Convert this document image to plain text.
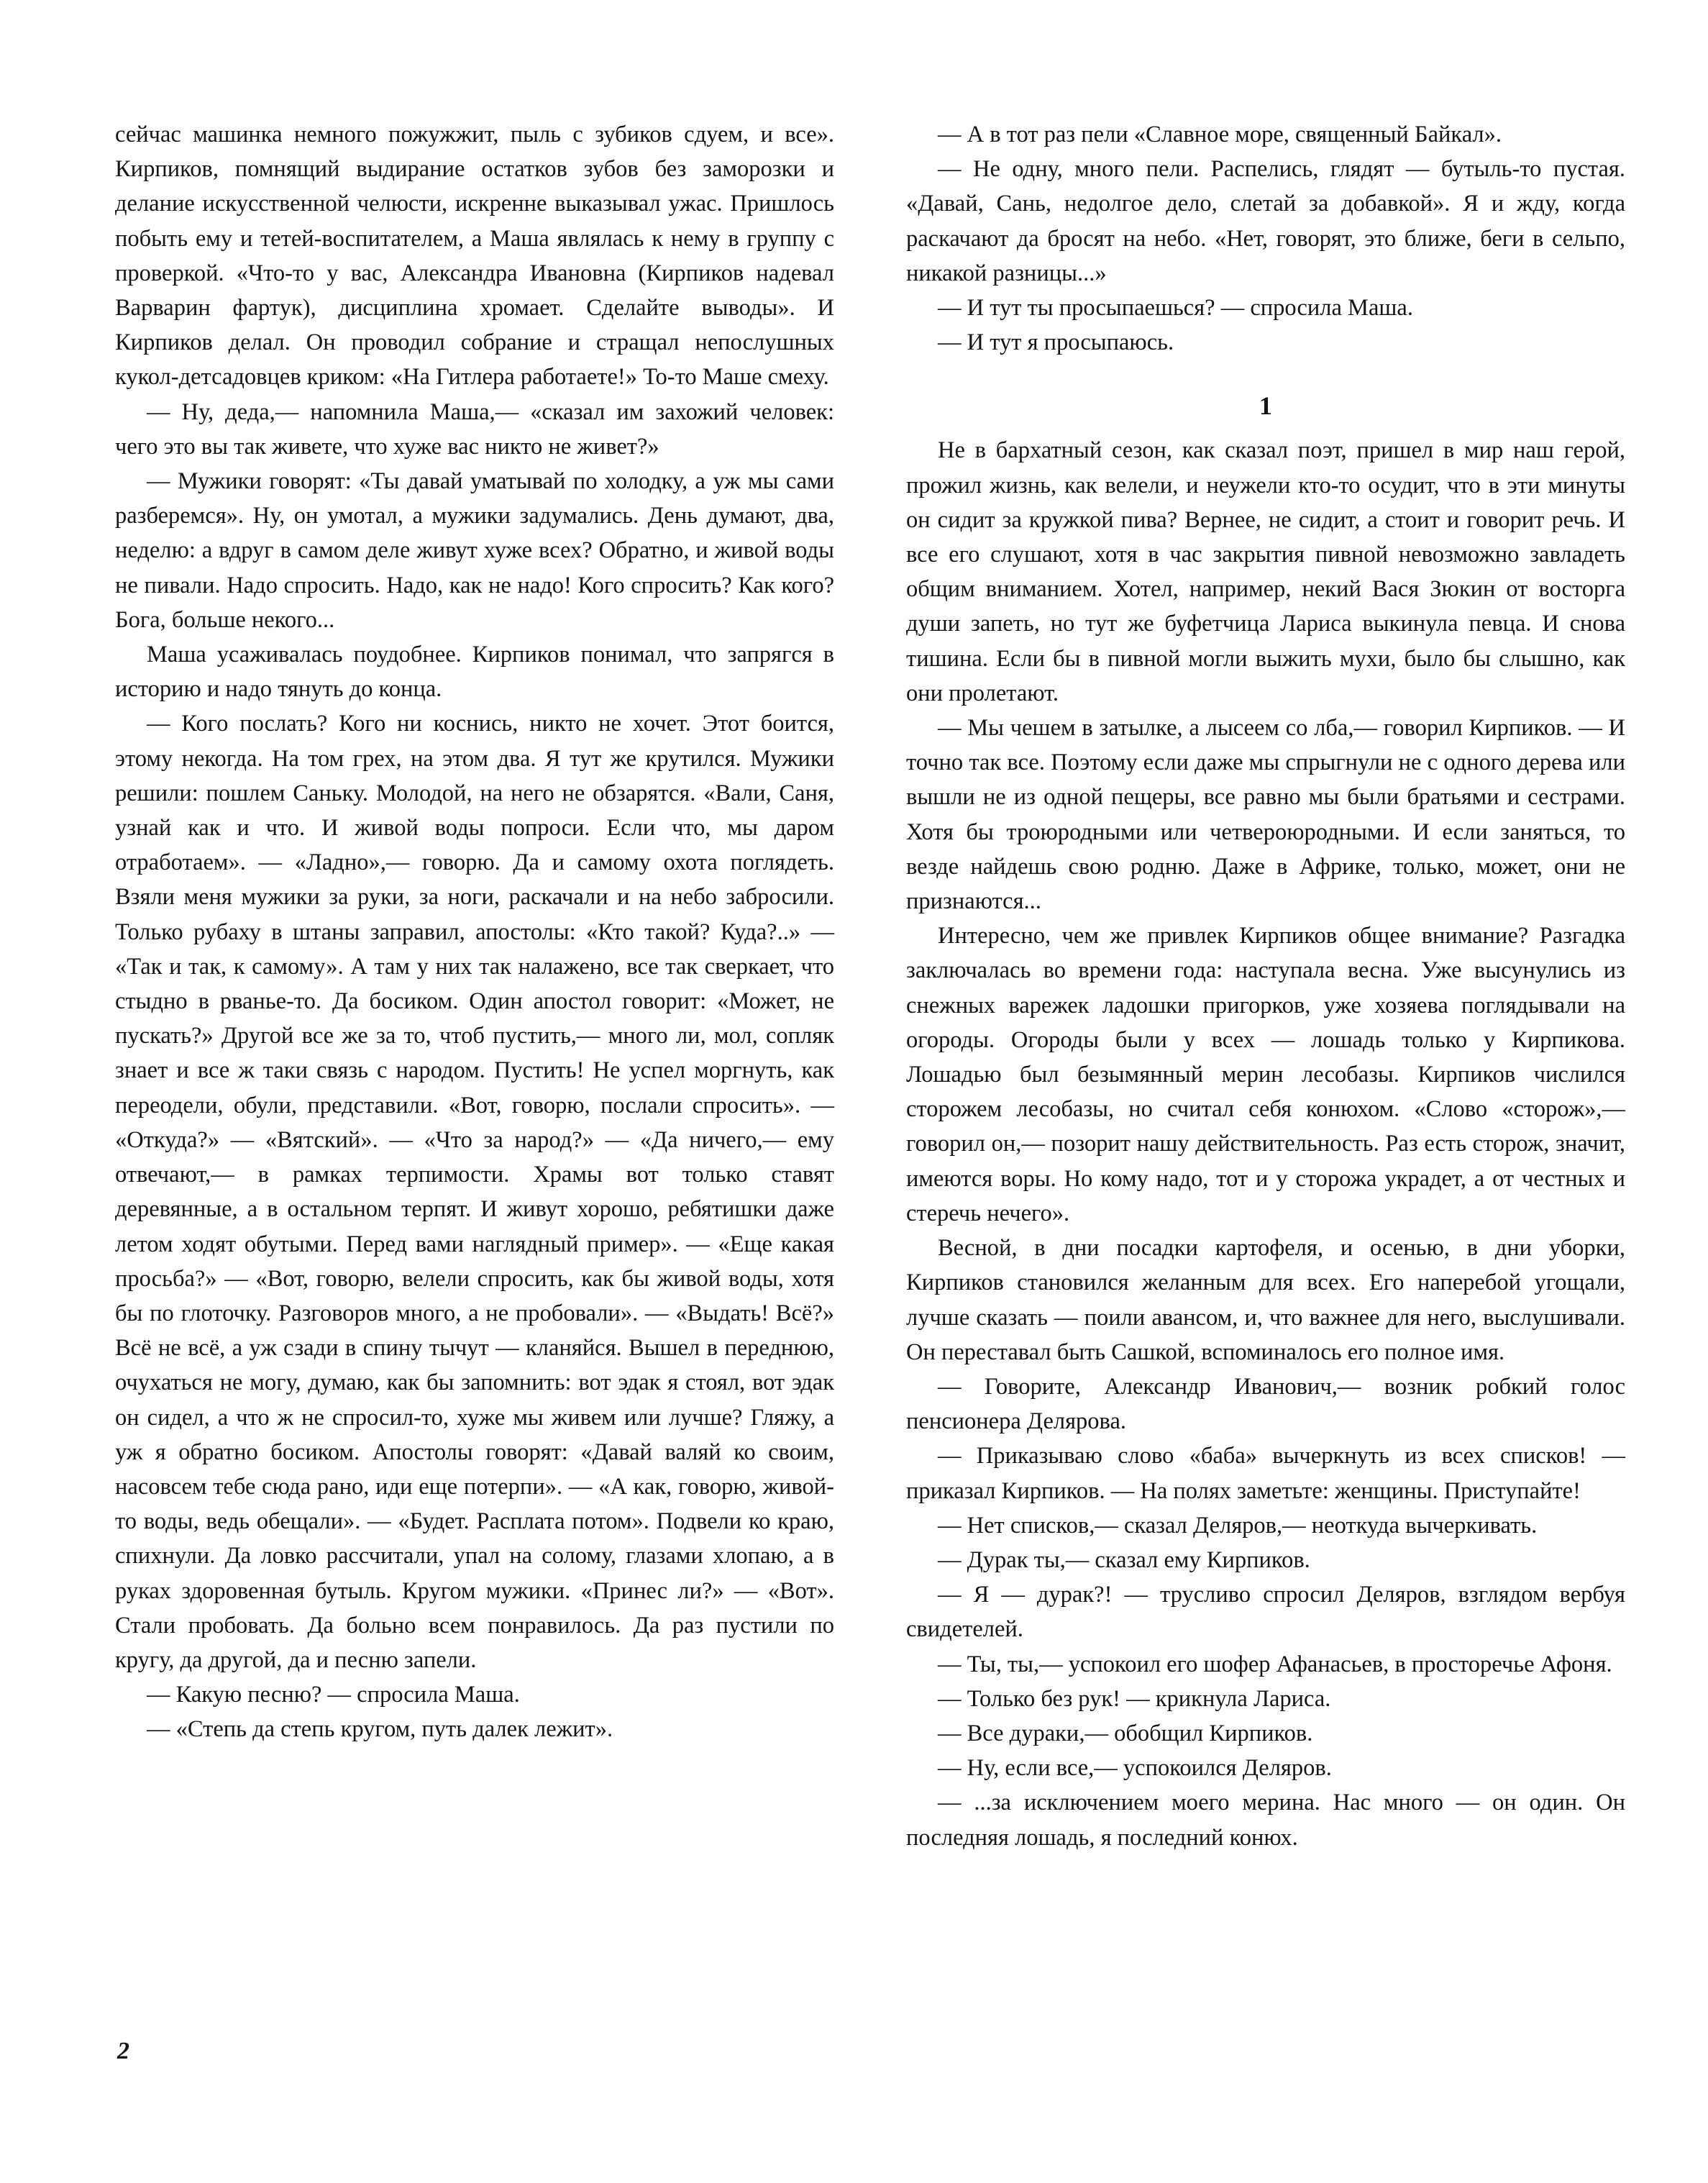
сейчас машинка немного пожужжит, пыль с зубиков сдуем, и все». Кирпиков, помнящий выдирание остатков зубов без заморозки и делание искусственной челюсти, искренне выказывал ужас. Пришлось побыть ему и тетей-воспитателем, а Маша являлась к нему в группу с проверкой. «Что-то у вас, Александра Ивановна (Кирпиков надевал Варварин фартук), дисциплина хромает. Сделайте выводы». И Кирпиков делал. Он проводил собрание и стращал непослушных кукол-детсадовцев криком: «На Гитлера работаете!» То-то Маше смеху.

— Ну, деда,— напомнила Маша,— «сказал им захожий человек: чего это вы так живете, что хуже вас никто не живет?»

— Мужики говорят: «Ты давай уматывай по холодку, а уж мы сами разберемся». Ну, он умотал, а мужики задумались. День думают, два, неделю: а вдруг в самом деле живут хуже всех? Обратно, и живой воды не пивали. Надо спросить. Надо, как не надо! Кого спросить? Как кого? Бога, больше некого...

Маша усаживалась поудобнее. Кирпиков понимал, что запрягся в историю и надо тянуть до конца.

— Кого послать? Кого ни коснись, никто не хочет. Этот боится, этому некогда. На том грех, на этом два. Я тут же крутился. Мужики решили: пошлем Саньку. Молодой, на него не обзарятся. «Вали, Саня, узнай как и что. И живой воды попроси. Если что, мы даром отработаем». — «Ладно»,— говорю. Да и самому охота поглядеть. Взяли меня мужики за руки, за ноги, раскачали и на небо забросили. Только рубаху в штаны заправил, апостолы: «Кто такой? Куда?..» — «Так и так, к самому». А там у них так налажено, все так сверкает, что стыдно в рванье-то. Да босиком. Один апостол говорит: «Может, не пускать?» Другой все же за то, чтоб пустить,— много ли, мол, сопляк знает и все ж таки связь с народом. Пустить! Не успел моргнуть, как переодели, обули, представили. «Вот, говорю, послали спросить». — «Откуда?» — «Вятский». — «Что за народ?» — «Да ничего,— ему отвечают,— в рамках терпимости. Храмы вот только ставят деревянные, а в остальном терпят. И живут хорошо, ребятишки даже летом ходят обутыми. Перед вами наглядный пример». — «Еще какая просьба?» — «Вот, говорю, велели спросить, как бы живой воды, хотя бы по глоточку. Разговоров много, а не пробовали». — «Выдать! Всё?» Всё не всё, а уж сзади в спину тычут — кланяйся. Вышел в переднюю, очухаться не могу, думаю, как бы запомнить: вот эдак я стоял, вот эдак он сидел, а что ж не спросил-то, хуже мы живем или лучше? Гляжу, а уж я обратно босиком. Апостолы говорят: «Давай валяй ко своим, насовсем тебе сюда рано, иди еще потерпи». — «А как, говорю, живой-то воды, ведь обещали». — «Будет. Расплата потом». Подвели ко краю, спихнули. Да ловко рассчитали, упал на солому, глазами хлопаю, а в руках здоровенная бутыль. Кругом мужики. «Принес ли?» — «Вот». Стали пробовать. Да больно всем понравилось. Да раз пустили по кругу, да другой, да и песню запели.

— Какую песню? — спросила Маша.

— «Степь да степь кругом, путь далек лежит».

— А в тот раз пели «Славное море, священный Байкал».

— Не одну, много пели. Распелись, глядят — бутыль-то пустая. «Давай, Сань, недолгое дело, слетай за добавкой». Я и жду, когда раскачают да бросят на небо. «Нет, говорят, это ближе, беги в сельпо, никакой разницы...»

— И тут ты просыпаешься? — спросила Маша.

— И тут я просыпаюсь.

1

Не в бархатный сезон, как сказал поэт, пришел в мир наш герой, прожил жизнь, как велели, и неужели кто-то осудит, что в эти минуты он сидит за кружкой пива? Вернее, не сидит, а стоит и говорит речь. И все его слушают, хотя в час закрытия пивной невозможно завладеть общим вниманием. Хотел, например, некий Вася Зюкин от восторга души запеть, но тут же буфетчица Лариса выкинула певца. И снова тишина. Если бы в пивной могли выжить мухи, было бы слышно, как они пролетают.

— Мы чешем в затылке, а лысеем со лба,— говорил Кирпиков. — И точно так все. Поэтому если даже мы спрыгнули не с одного дерева или вышли не из одной пещеры, все равно мы были братьями и сестрами. Хотя бы троюродными или четвероюродными. И если заняться, то везде найдешь свою родню. Даже в Африке, только, может, они не признаются...

Интересно, чем же привлек Кирпиков общее внимание? Разгадка заключалась во времени года: наступала весна. Уже высунулись из снежных варежек ладошки пригорков, уже хозяева поглядывали на огороды. Огороды были у всех — лошадь только у Кирпикова. Лошадью был безымянный мерин лесобазы. Кирпиков числился сторожем лесобазы, но считал себя конюхом. «Слово «сторож»,— говорил он,— позорит нашу действительность. Раз есть сторож, значит, имеются воры. Но кому надо, тот и у сторожа украдет, а от честных и стеречь нечего».

Весной, в дни посадки картофеля, и осенью, в дни уборки, Кирпиков становился желанным для всех. Его наперебой угощали, лучше сказать — поили авансом, и, что важнее для него, выслушивали. Он переставал быть Сашкой, вспоминалось его полное имя.

— Говорите, Александр Иванович,— возник робкий голос пенсионера Делярова.

— Приказываю слово «баба» вычеркнуть из всех списков! — приказал Кирпиков. — На полях заметьте: женщины. Приступайте!

— Нет списков,— сказал Деляров,— неоткуда вычеркивать.

— Дурак ты,— сказал ему Кирпиков.

— Я — дурак?! — трусливо спросил Деляров, взглядом вербуя свидетелей.

— Ты, ты,— успокоил его шофер Афанасьев, в просторечье Афоня.

— Только без рук! — крикнула Лариса.

— Все дураки,— обобщил Кирпиков.

— Ну, если все,— успокоился Деляров.

— ...за исключением моего мерина. Нас много — он один. Он последняя лошадь, я последний конюх.

2
